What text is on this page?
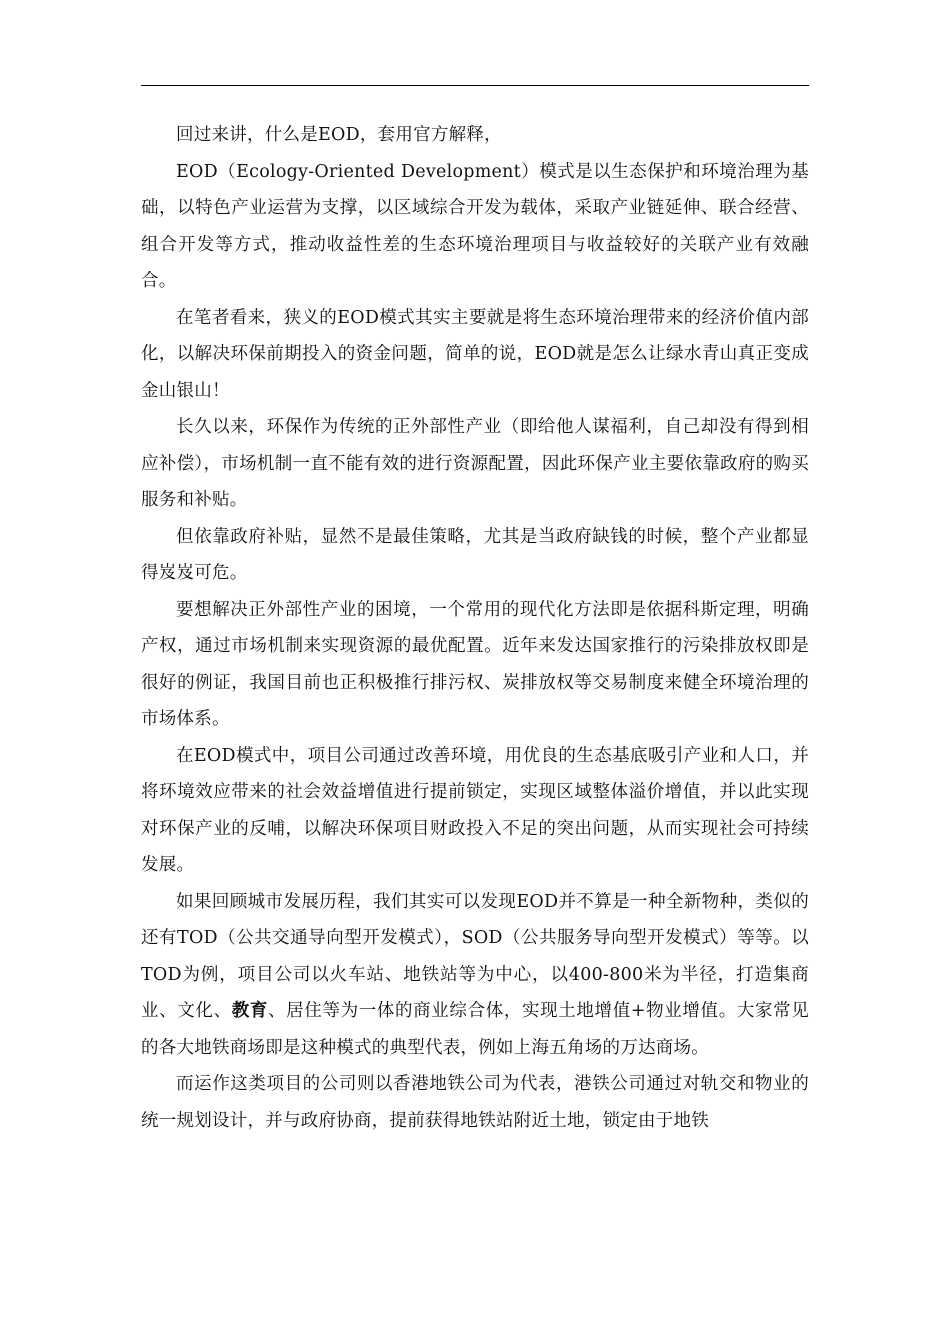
回过来讲，什么是EOD，套用官方解释，

EOD（Ecology-Oriented Development）模式是以生态保护和环境治理为基础，以特色产业运营为支撑，以区域综合开发为载体，采取产业链延伸、联合经营、组合开发等方式，推动收益性差的生态环境治理项目与收益较好的关联产业有效融合。

在笔者看来，狭义的EOD模式其实主要就是将生态环境治理带来的经济价值内部化，以解决环保前期投入的资金问题，简单的说，EOD就是怎么让绿水青山真正变成金山银山！

长久以来，环保作为传统的正外部性产业（即给他人谋福利，自己却没有得到相应补偿），市场机制一直不能有效的进行资源配置，因此环保产业主要依靠政府的购买服务和补贴。

但依靠政府补贴，显然不是最佳策略，尤其是当政府缺钱的时候，整个产业都显得岌岌可危。

要想解决正外部性产业的困境，一个常用的现代化方法即是依据科斯定理，明确产权，通过市场机制来实现资源的最优配置。近年来发达国家推行的污染排放权即是很好的例证，我国目前也正积极推行排污权、炭排放权等交易制度来健全环境治理的市场体系。

在EOD模式中，项目公司通过改善环境，用优良的生态基底吸引产业和人口，并将环境效应带来的社会效益增值进行提前锁定，实现区域整体溢价增值，并以此实现对环保产业的反哺，以解决环保项目财政投入不足的突出问题，从而实现社会可持续发展。

如果回顾城市发展历程，我们其实可以发现EOD并不算是一种全新物种，类似的还有TOD（公共交通导向型开发模式），SOD（公共服务导向型开发模式）等等。以TOD为例，项目公司以火车站、地铁站等为中心，以400-800米为半径，打造集商业、文化、教育、居住等为一体的商业综合体，实现土地增值+物业增值。大家常见的各大地铁商场即是这种模式的典型代表，例如上海五角场的万达商场。

而运作这类项目的公司则以香港地铁公司为代表，港铁公司通过对轨交和物业的统一规划设计，并与政府协商，提前获得地铁站附近土地，锁定由于地铁
